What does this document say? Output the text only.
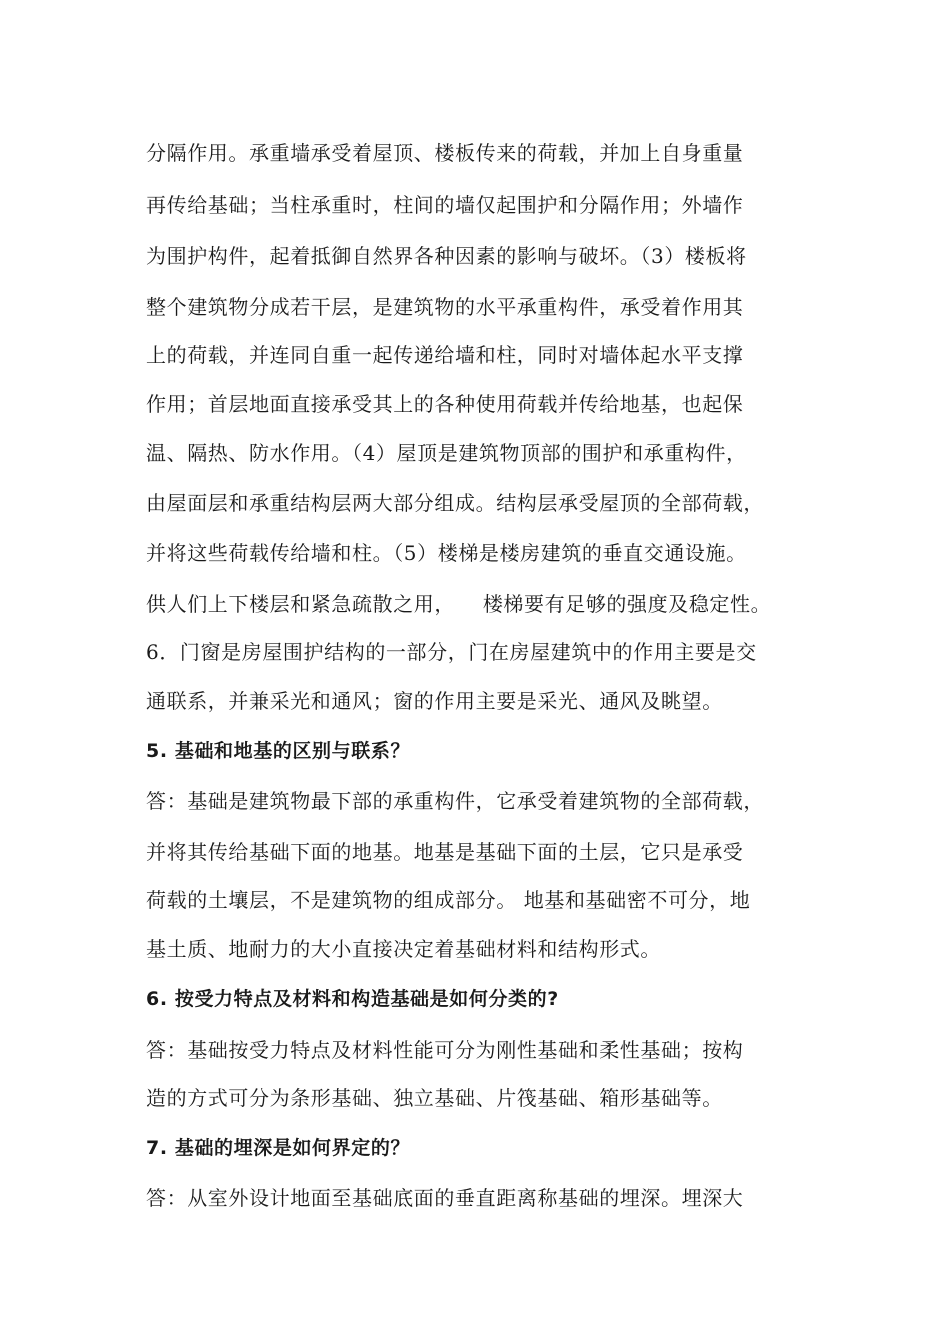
分隔作用。承重墙承受着屋顶、楼板传来的荷载，并加上自身重量
再传给基础；当柱承重时，柱间的墙仅起围护和分隔作用；外墙作
为围护构件，起着抵御自然界各种因素的影响与破坏。（3）楼板将
整个建筑物分成若干层，是建筑物的水平承重构件，承受着作用其
上的荷载，并连同自重一起传递给墙和柱，同时对墙体起水平支撑
作用；首层地面直接承受其上的各种使用荷载并传给地基，也起保
温、隔热、防水作用。（4）屋顶是建筑物顶部的围护和承重构件，
由屋面层和承重结构层两大部分组成。结构层承受屋顶的全部荷载，
并将这些荷载传给墙和柱。（5）楼梯是楼房建筑的垂直交通设施。
供人们上下楼层和紧急疏散之用，    楼梯要有足够的强度及稳定性。
6．门窗是房屋围护结构的一部分，门在房屋建筑中的作用主要是交
通联系，并兼采光和通风；窗的作用主要是采光、通风及眺望。
5. 基础和地基的区别与联系？
答：基础是建筑物最下部的承重构件，它承受着建筑物的全部荷载，
并将其传给基础下面的地基。地基是基础下面的土层，它只是承受
荷载的土壤层，不是建筑物的组成部分。 地基和基础密不可分，地
基土质、地耐力的大小直接决定着基础材料和结构形式。
6. 按受力特点及材料和构造基础是如何分类的?
答：基础按受力特点及材料性能可分为刚性基础和柔性基础；按构
造的方式可分为条形基础、独立基础、片筏基础、箱形基础等。
7. 基础的埋深是如何界定的？
答：从室外设计地面至基础底面的垂直距离称基础的埋深。埋深大
